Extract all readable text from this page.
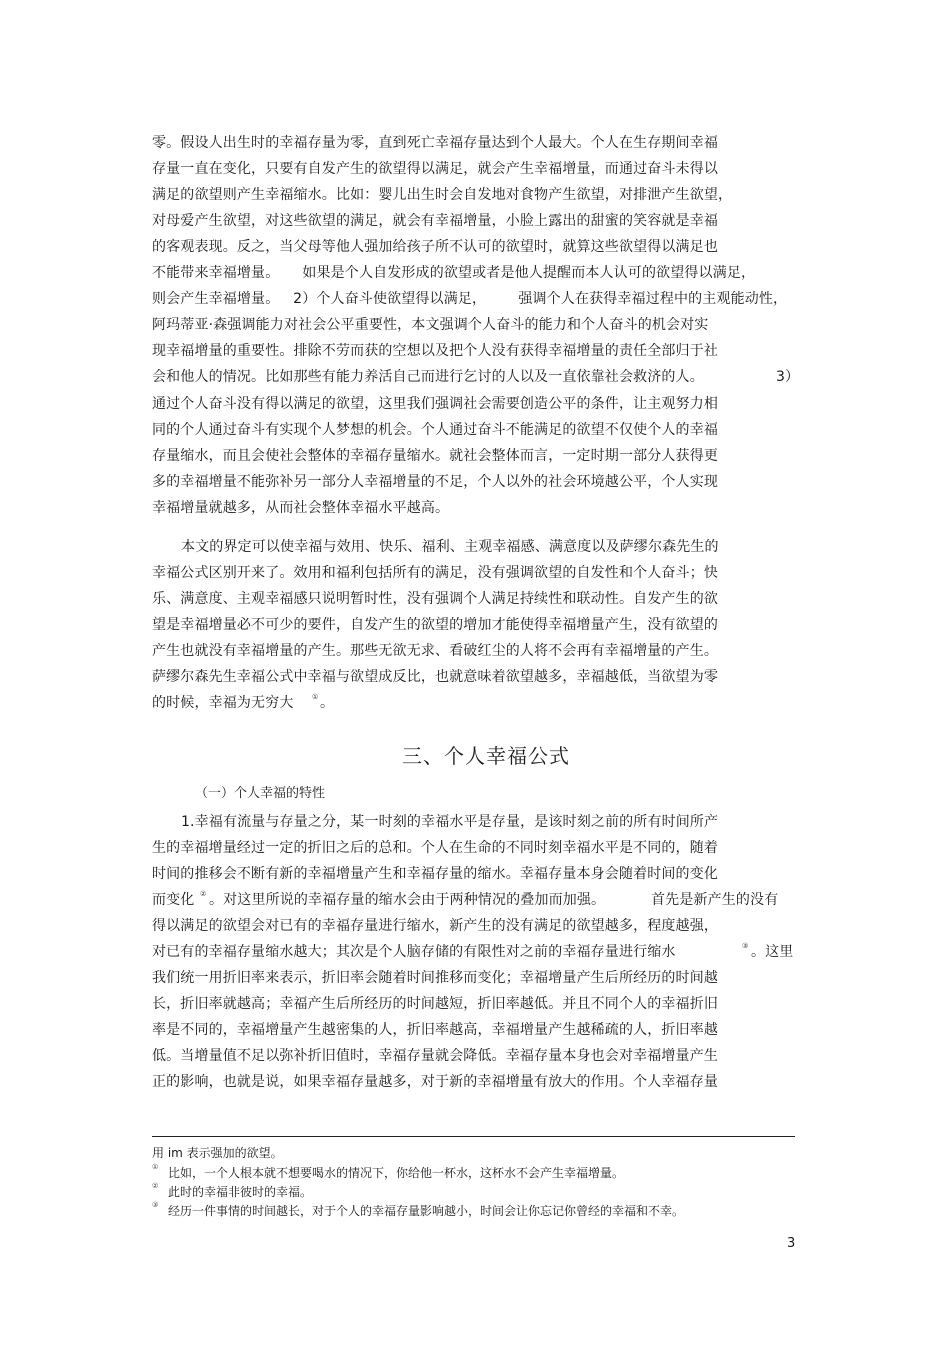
零。假设人出生时的幸福存量为零，直到死亡幸福存量达到个人最大。个人在生存期间幸福
存量一直在变化，只要有自发产生的欲望得以满足，就会产生幸福增量，而通过奋斗未得以
满足的欲望则产生幸福缩水。比如：婴儿出生时会自发地对食物产生欲望，对排泄产生欲望，
对母爱产生欲望，对这些欲望的满足，就会有幸福增量，小脸上露出的甜蜜的笑容就是幸福
的客观表现。反之，当父母等他人强加给孩子所不认可的欲望时，就算这些欲望得以满足也
不能带来幸福增量。     如果是个人自发形成的欲望或者是他人提醒而本人认可的欲望得以满足，
则会产生幸福增量。   2）个人奋斗使欲望得以满足，       强调个人在获得幸福过程中的主观能动性，
阿玛蒂亚·森强调能力对社会公平重要性，本文强调个人奋斗的能力和个人奋斗的机会对实
现幸福增量的重要性。排除不劳而获的空想以及把个人没有获得幸福增量的责任全部归于社
会和他人的情况。比如那些有能力养活自己而进行乞讨的人以及一直依靠社会救济的人。	3）
通过个人奋斗没有得以满足的欲望，这里我们强调社会需要创造公平的条件，让主观努力相
同的个人通过奋斗有实现个人梦想的机会。个人通过奋斗不能满足的欲望不仅使个人的幸福
存量缩水，而且会使社会整体的幸福存量缩水。就社会整体而言，一定时期一部分人获得更
多的幸福增量不能弥补另一部分人幸福增量的不足，个人以外的社会环境越公平，个人实现
幸福增量就越多，从而社会整体幸福水平越高。
本文的界定可以使幸福与效用、快乐、福利、主观幸福感、满意度以及萨缪尔森先生的
幸福公式区别开来了。效用和福利包括所有的满足，没有强调欲望的自发性和个人奋斗；快
乐、满意度、主观幸福感只说明暂时性，没有强调个人满足持续性和联动性。自发产生的欲
望是幸福增量必不可少的要件，自发产生的欲望的增加才能使得幸福增量产生，没有欲望的
产生也就没有幸福增量的产生。那些无欲无求、看破红尘的人将不会再有幸福增量的产生。
萨缪尔森先生幸福公式中幸福与欲望成反比，也就意味着欲望越多，幸福越低，当欲望为零
的时候，幸福为无穷大	① 。
三、个人幸福公式
（一）个人幸福的特性
1.幸福有流量与存量之分，某一时刻的幸福水平是存量，是该时刻之前的所有时间所产
生的幸福增量经过一定的折旧之后的总和。个人在生命的不同时刻幸福水平是不同的，随着
时间的推移会不断有新的幸福增量产生和幸福存量的缩水。幸福存量本身会随着时间的变化
而变化 ② 。对这里所说的幸福存量的缩水会由于两种情况的叠加而加强。	首先是新产生的没有
得以满足的欲望会对已有的幸福存量进行缩水，新产生的没有满足的欲望越多，程度越强，
对已有的幸福存量缩水越大；其次是个人脑存储的有限性对之前的幸福存量进行缩水	③ 。这里
我们统一用折旧率来表示，折旧率会随着时间推移而变化；幸福增量产生后所经历的时间越
长，折旧率就越高；幸福产生后所经历的时间越短，折旧率越低。并且不同个人的幸福折旧
率是不同的，幸福增量产生越密集的人，折旧率越高，幸福增量产生越稀疏的人，折旧率越
低。当增量值不足以弥补折旧值时，幸福存量就会降低。幸福存量本身也会对幸福增量产生
正的影响，也就是说，如果幸福存量越多，对于新的幸福增量有放大的作用。个人幸福存量
用 im 表示强加的欲望。
① 比如，一个人根本就不想要喝水的情况下，你给他一杯水，这杯水不会产生幸福增量。
② 此时的幸福非彼时的幸福。
③ 经历一件事情的时间越长，对于个人的幸福存量影响越小，时间会让你忘记你曾经的幸福和不幸。
3
